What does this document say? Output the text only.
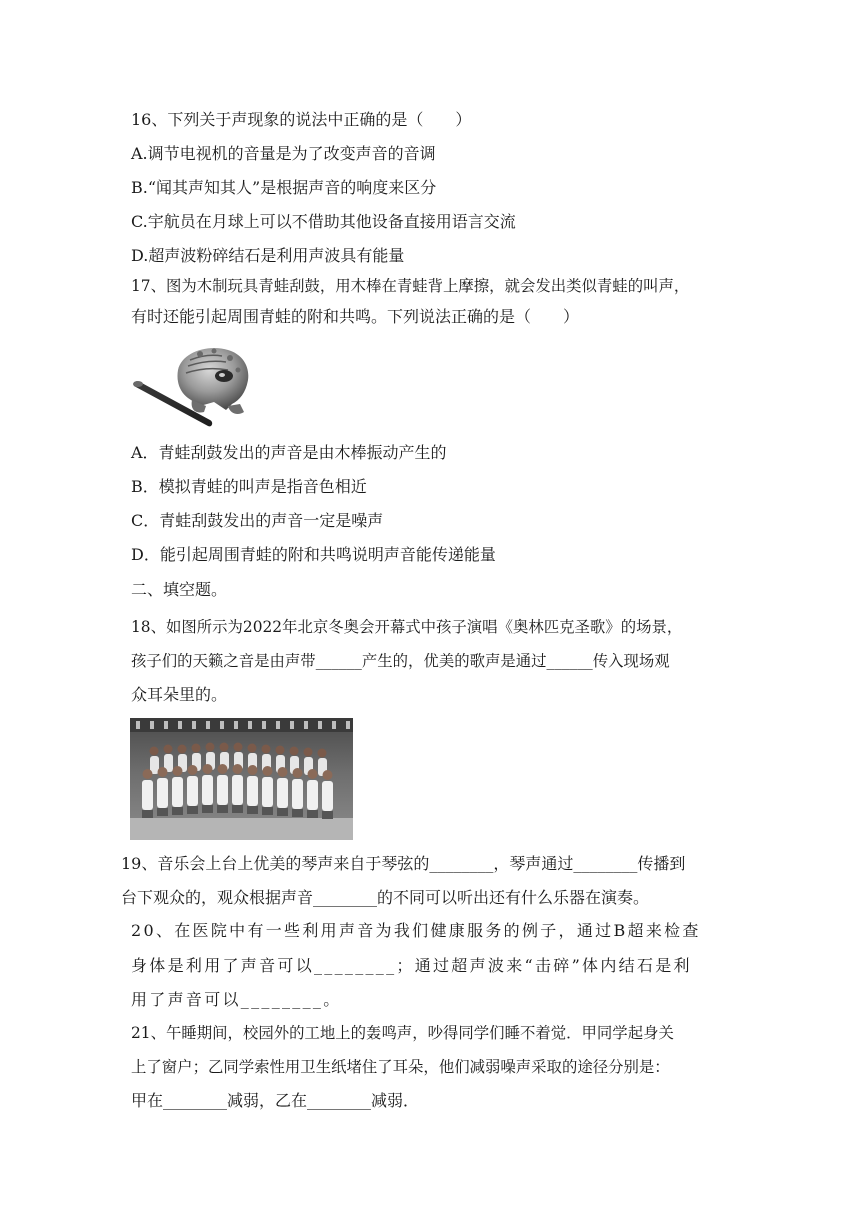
16、下列关于声现象的说法中正确的是（　　）
A.调节电视机的音量是为了改变声音的音调
B.“闻其声知其人”是根据声音的响度来区分
C.宇航员在月球上可以不借助其他设备直接用语言交流
D.超声波粉碎结石是利用声波具有能量
17、图为木制玩具青蛙刮鼓，用木棒在青蛙背上摩擦，就会发出类似青蛙的叫声，
有时还能引起周围青蛙的附和共鸣。下列说法正确的是（　　）
A．青蛙刮鼓发出的声音是由木棒振动产生的
B．模拟青蛙的叫声是指音色相近
C．青蛙刮鼓发出的声音一定是噪声
D．能引起周围青蛙的附和共鸣说明声音能传递能量
二、填空题。
18、如图所示为2022年北京冬奥会开幕式中孩子演唱《奥林匹克圣歌》的场景，
孩子们的天籁之音是由声带______产生的，优美的歌声是通过______传入现场观
众耳朵里的。
19、音乐会上台上优美的琴声来自于琴弦的________，琴声通过________传播到
台下观众的，观众根据声音________的不同可以听出还有什么乐器在演奏。
20、在医院中有一些利用声音为我们健康服务的例子，通过B超来检查
身体是利用了声音可以________；通过超声波来“击碎”体内结石是利
用了声音可以________。
21、午睡期间，校园外的工地上的轰鸣声，吵得同学们睡不着觉．甲同学起身关
上了窗户；乙同学索性用卫生纸堵住了耳朵，他们减弱噪声采取的途径分别是：
甲在________减弱，乙在________减弱．
